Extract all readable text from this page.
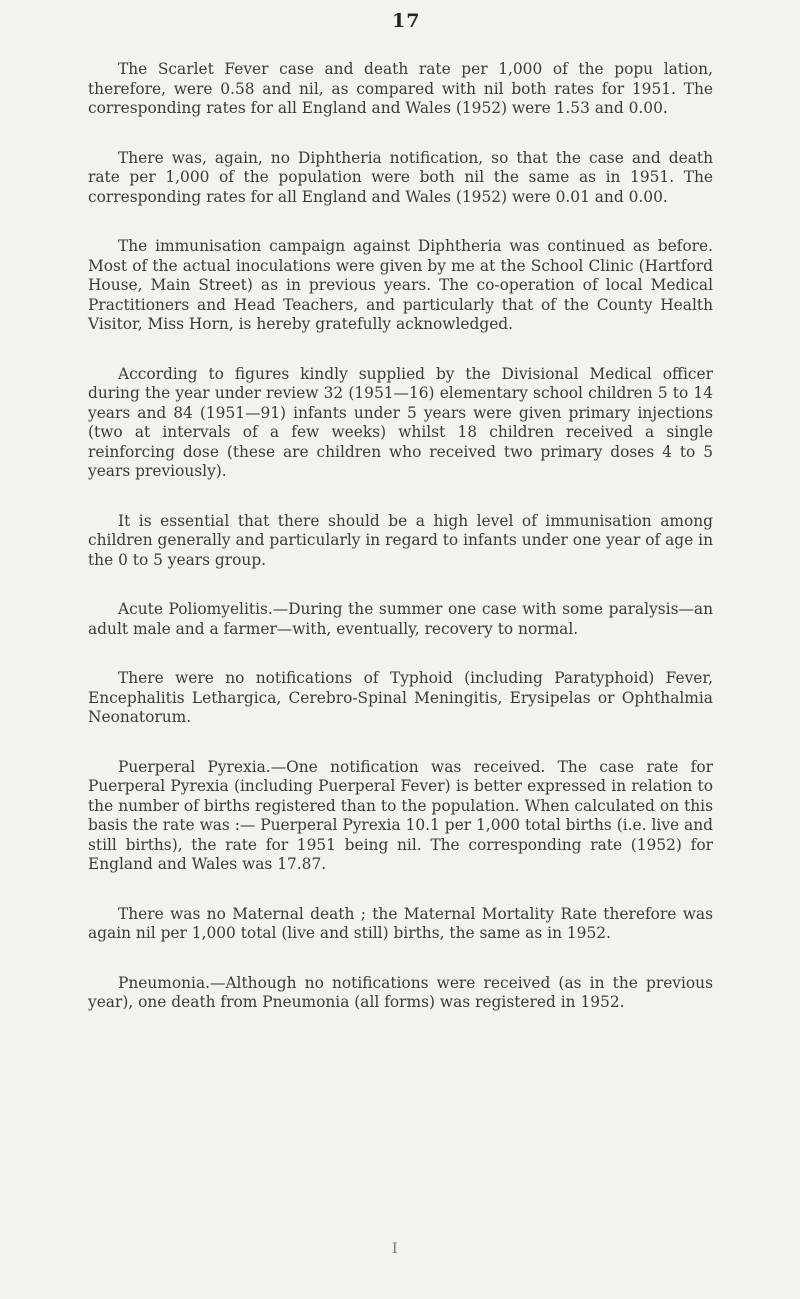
17

The Scarlet Fever case and death rate per 1,000 of the popu lation, therefore, were 0.58 and nil, as compared with nil both rates for 1951. The corresponding rates for all England and Wales (1952) were 1.53 and 0.00.

There was, again, no Diphtheria notification, so that the case and death rate per 1,000 of the population were both nil the same as in 1951. The corresponding rates for all England and Wales (1952) were 0.01 and 0.00.

The immunisation campaign against Diphtheria was continued as before. Most of the actual inoculations were given by me at the School Clinic (Hartford House, Main Street) as in previous years. The co-operation of local Medical Practitioners and Head Teachers, and particularly that of the County Health Visitor, Miss Horn, is hereby gratefully acknowledged.

According to figures kindly supplied by the Divisional Medical officer during the year under review 32 (1951—16) elementary school children 5 to 14 years and 84 (1951—91) infants under 5 years were given primary injections (two at intervals of a few weeks) whilst 18 children received a single reinforcing dose (these are children who received two primary doses 4 to 5 years previously).

It is essential that there should be a high level of immunisation among children generally and particularly in regard to infants under one year of age in the 0 to 5 years group.

Acute Poliomyelitis.—During the summer one case with some paralysis—an adult male and a farmer—with, eventually, recovery to normal.

There were no notifications of Typhoid (including Paratyphoid) Fever, Encephalitis Lethargica, Cerebro-Spinal Meningitis, Erysipelas or Ophthalmia Neonatorum.

Puerperal Pyrexia.—One notification was received. The case rate for Puerperal Pyrexia (including Puerperal Fever) is better expressed in relation to the number of births registered than to the population. When calculated on this basis the rate was :— Puerperal Pyrexia 10.1 per 1,000 total births (i.e. live and still births), the rate for 1951 being nil. The corresponding rate (1952) for England and Wales was 17.87.

There was no Maternal death ; the Maternal Mortality Rate therefore was again nil per 1,000 total (live and still) births, the same as in 1952.

Pneumonia.—Although no notifications were received (as in the previous year), one death from Pneumonia (all forms) was registered in 1952.

I
